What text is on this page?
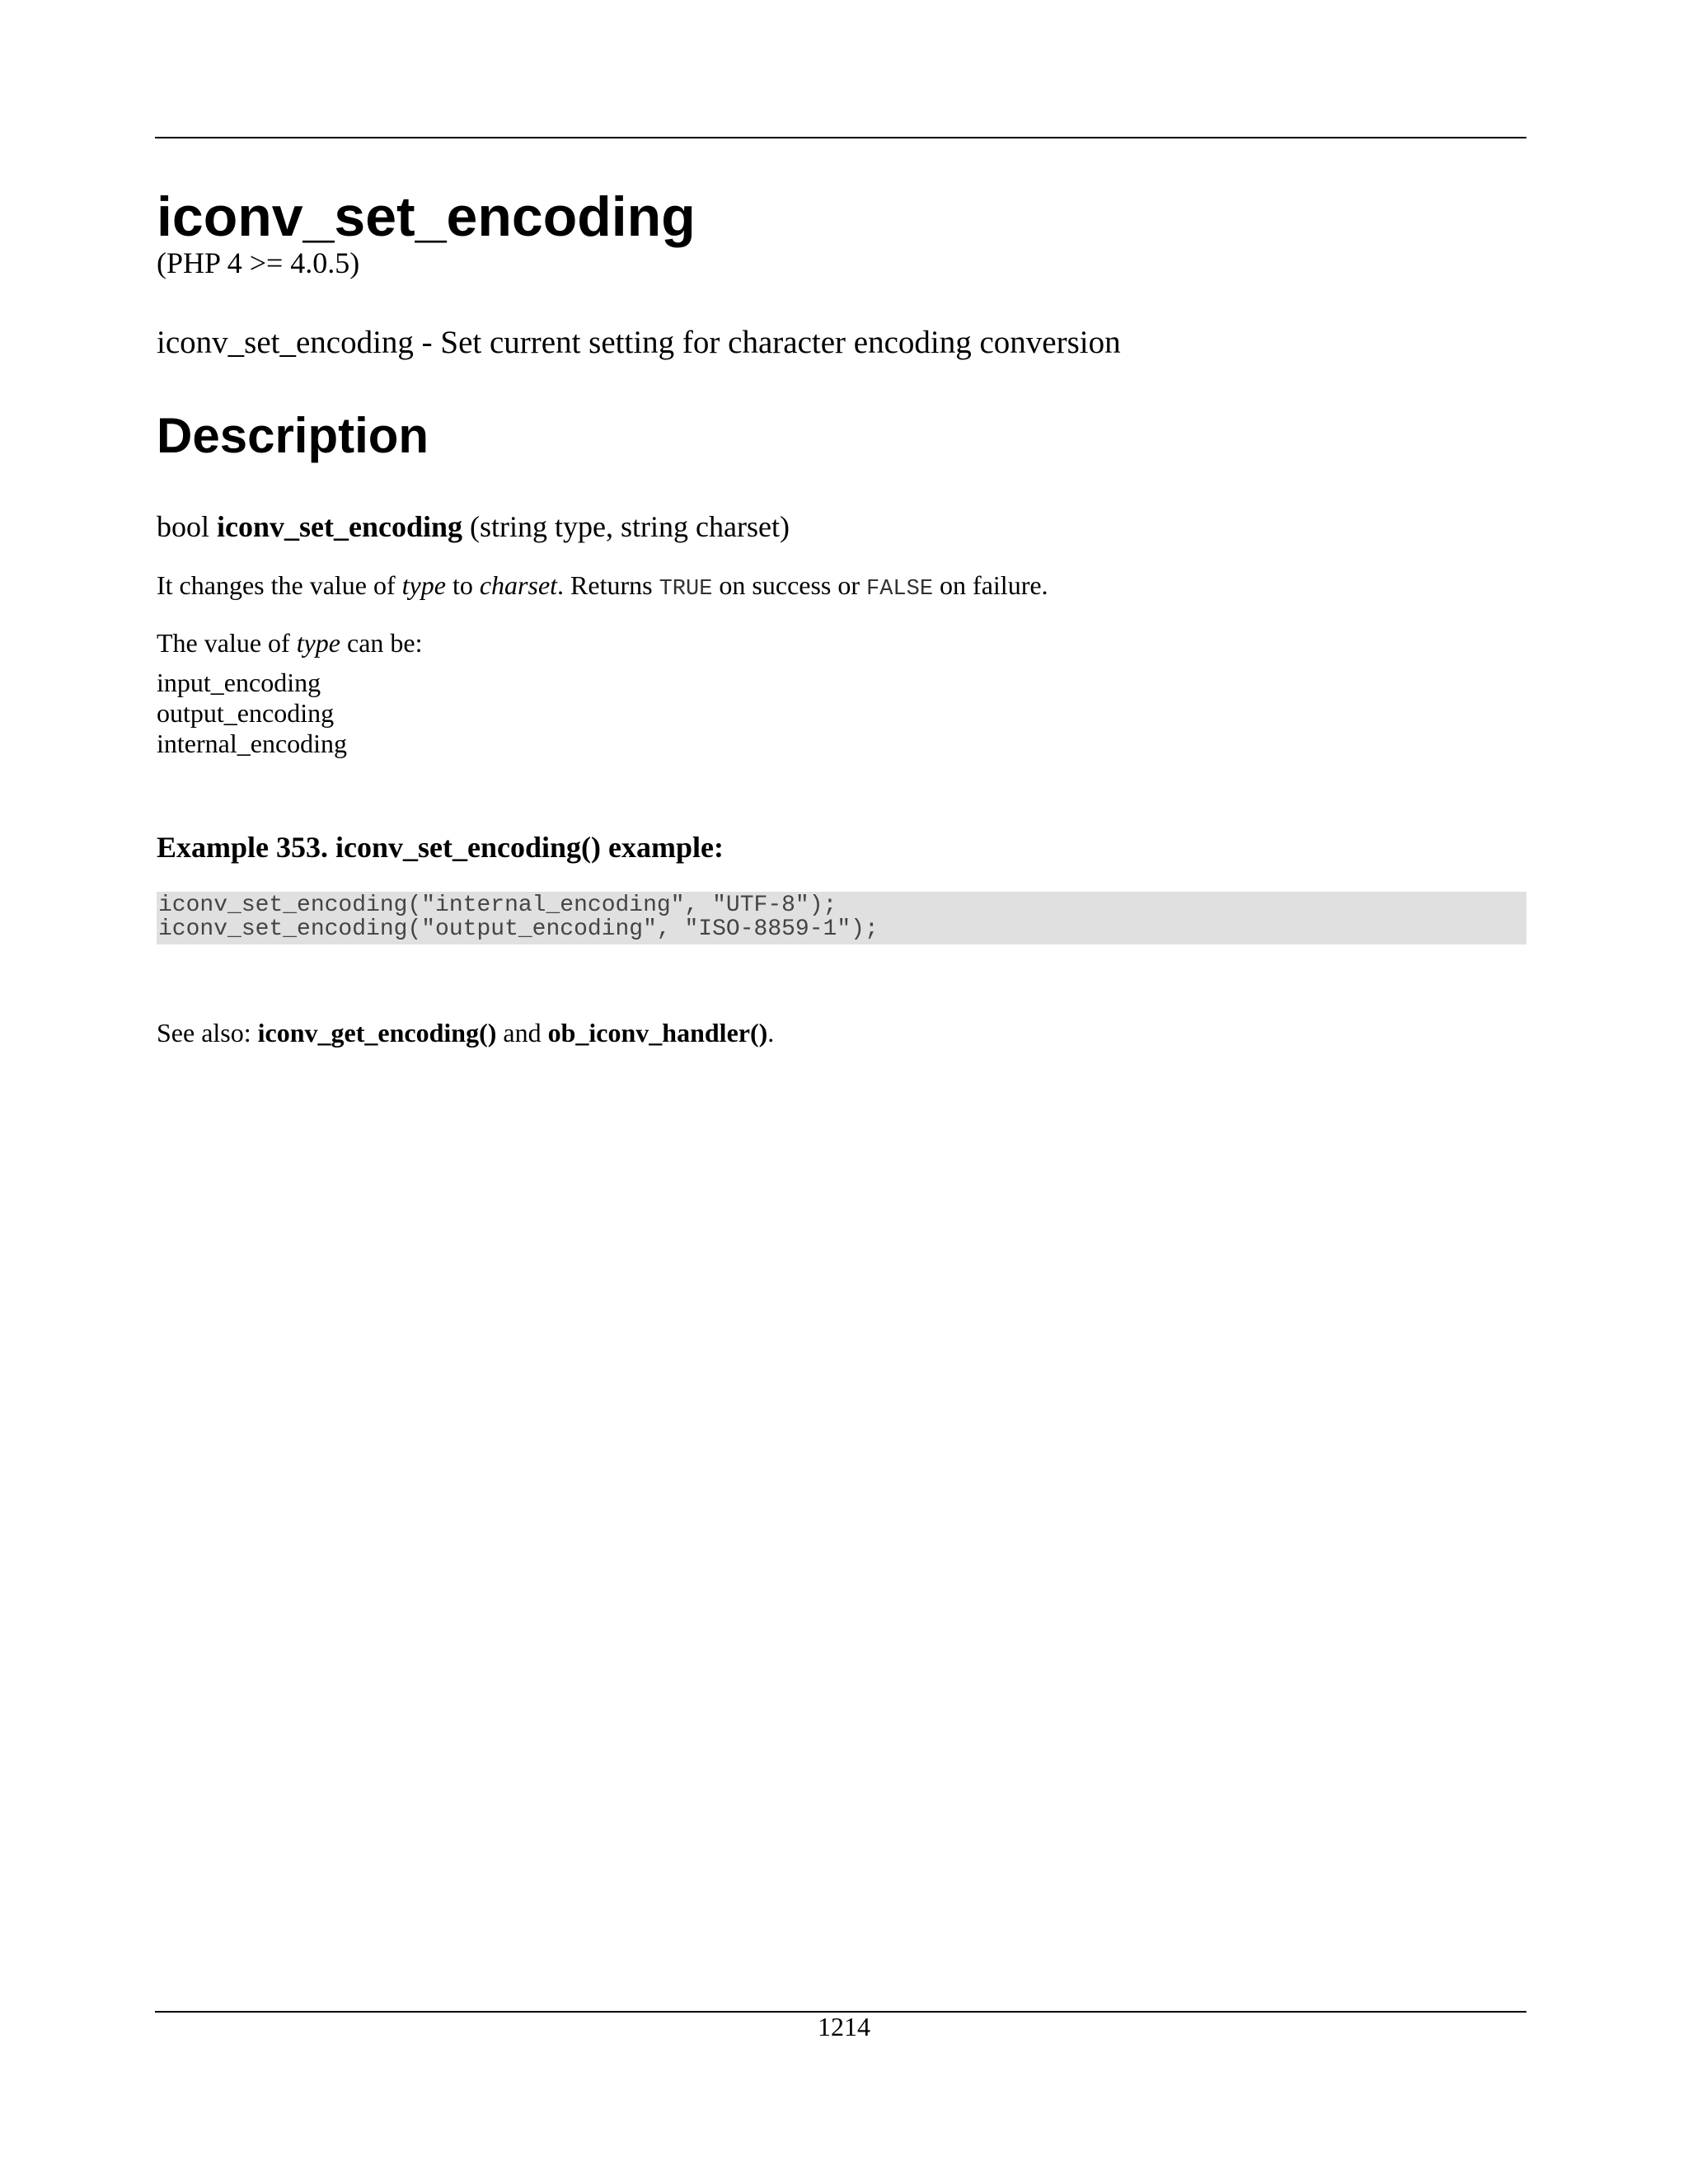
iconv_set_encoding
(PHP 4 >= 4.0.5)
iconv_set_encoding - Set current setting for character encoding conversion
Description
bool iconv_set_encoding (string type, string charset)

It changes the value of type to charset. Returns TRUE on success or FALSE on failure.

The value of type can be:

input_encoding
output_encoding
internal_encoding
Example 353. iconv_set_encoding() example:
iconv_set_encoding("internal_encoding", "UTF-8");
iconv_set_encoding("output_encoding", "ISO-8859-1");

See also: iconv_get_encoding() and ob_iconv_handler().

1214
